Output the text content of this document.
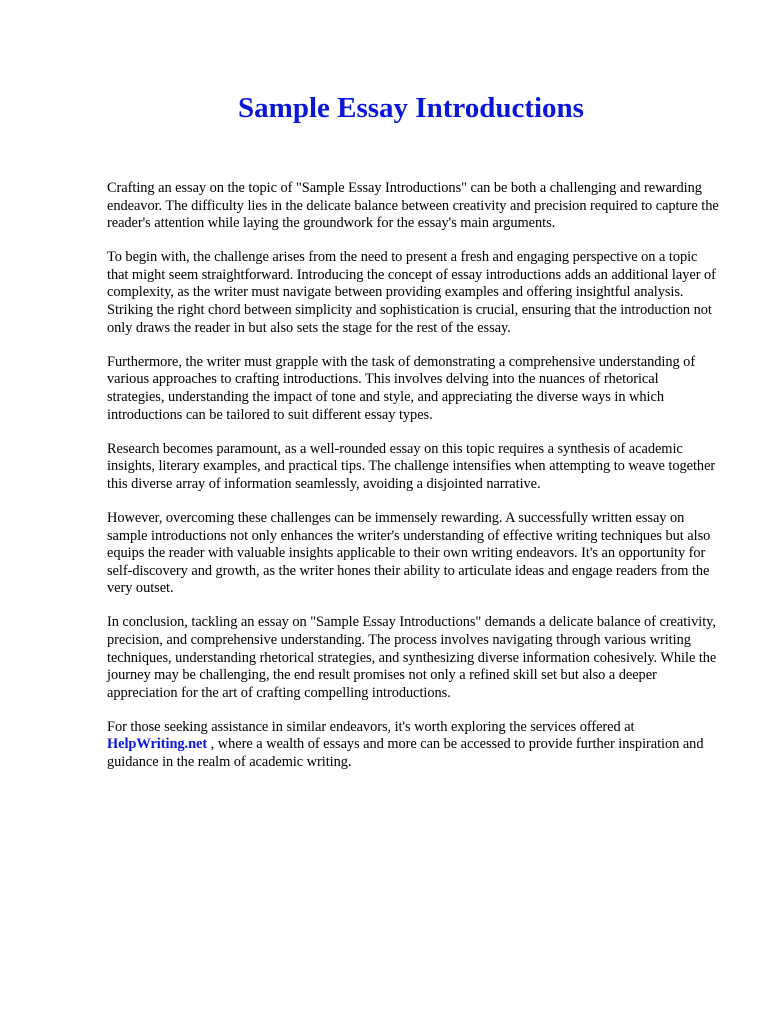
Sample Essay Introductions

Crafting an essay on the topic of "Sample Essay Introductions" can be both a challenging and rewarding endeavor. The difficulty lies in the delicate balance between creativity and precision required to capture the reader's attention while laying the groundwork for the essay's main arguments.

To begin with, the challenge arises from the need to present a fresh and engaging perspective on a topic that might seem straightforward. Introducing the concept of essay introductions adds an additional layer of complexity, as the writer must navigate between providing examples and offering insightful analysis. Striking the right chord between simplicity and sophistication is crucial, ensuring that the introduction not only draws the reader in but also sets the stage for the rest of the essay.

Furthermore, the writer must grapple with the task of demonstrating a comprehensive understanding of various approaches to crafting introductions. This involves delving into the nuances of rhetorical strategies, understanding the impact of tone and style, and appreciating the diverse ways in which introductions can be tailored to suit different essay types.

Research becomes paramount, as a well-rounded essay on this topic requires a synthesis of academic insights, literary examples, and practical tips. The challenge intensifies when attempting to weave together this diverse array of information seamlessly, avoiding a disjointed narrative.

However, overcoming these challenges can be immensely rewarding. A successfully written essay on sample introductions not only enhances the writer's understanding of effective writing techniques but also equips the reader with valuable insights applicable to their own writing endeavors. It's an opportunity for self-discovery and growth, as the writer hones their ability to articulate ideas and engage readers from the very outset.

In conclusion, tackling an essay on "Sample Essay Introductions" demands a delicate balance of creativity, precision, and comprehensive understanding. The process involves navigating through various writing techniques, understanding rhetorical strategies, and synthesizing diverse information cohesively. While the journey may be challenging, the end result promises not only a refined skill set but also a deeper appreciation for the art of crafting compelling introductions.

For those seeking assistance in similar endeavors, it's worth exploring the services offered at HelpWriting.net , where a wealth of essays and more can be accessed to provide further inspiration and guidance in the realm of academic writing.
